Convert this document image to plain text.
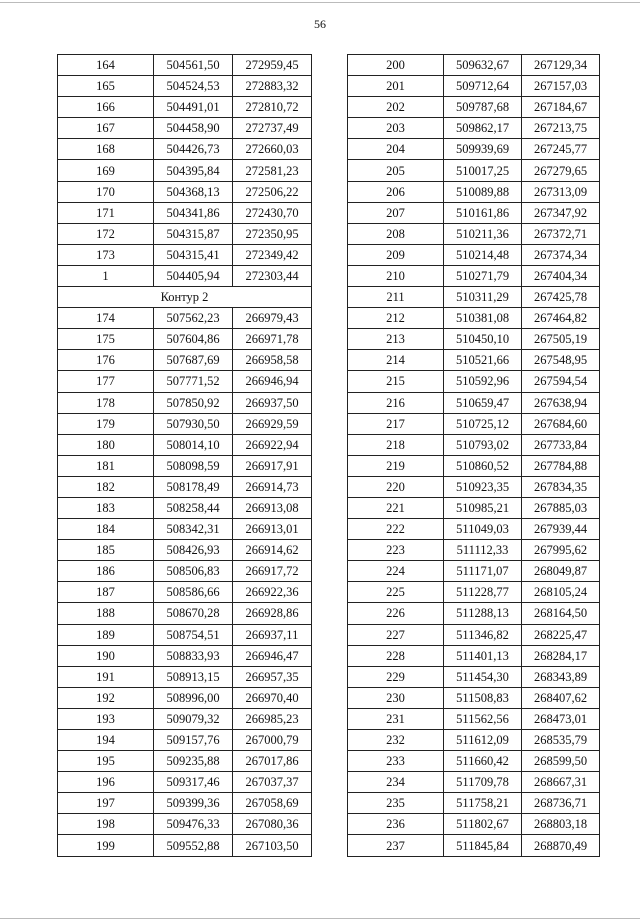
56
164	504561,50	272959,45
165	504524,53	272883,32
166	504491,01	272810,72
167	504458,90	272737,49
168	504426,73	272660,03
169	504395,84	272581,23
170	504368,13	272506,22
171	504341,86	272430,70
172	504315,87	272350,95
173	504315,41	272349,42
1	504405,94	272303,44
Контур 2		
174	507562,23	266979,43
175	507604,86	266971,78
176	507687,69	266958,58
177	507771,52	266946,94
178	507850,92	266937,50
179	507930,50	266929,59
180	508014,10	266922,94
181	508098,59	266917,91
182	508178,49	266914,73
183	508258,44	266913,08
184	508342,31	266913,01
185	508426,93	266914,62
186	508506,83	266917,72
187	508586,66	266922,36
188	508670,28	266928,86
189	508754,51	266937,11
190	508833,93	266946,47
191	508913,15	266957,35
192	508996,00	266970,40
193	509079,32	266985,23
194	509157,76	267000,79
195	509235,88	267017,86
196	509317,46	267037,37
197	509399,36	267058,69
198	509476,33	267080,36
199	509552,88	267103,50
200	509632,67	267129,34
201	509712,64	267157,03
202	509787,68	267184,67
203	509862,17	267213,75
204	509939,69	267245,77
205	510017,25	267279,65
206	510089,88	267313,09
207	510161,86	267347,92
208	510211,36	267372,71
209	510214,48	267374,34
210	510271,79	267404,34
211	510311,29	267425,78
212	510381,08	267464,82
213	510450,10	267505,19
214	510521,66	267548,95
215	510592,96	267594,54
216	510659,47	267638,94
217	510725,12	267684,60
218	510793,02	267733,84
219	510860,52	267784,88
220	510923,35	267834,35
221	510985,21	267885,03
222	511049,03	267939,44
223	511112,33	267995,62
224	511171,07	268049,87
225	511228,77	268105,24
226	511288,13	268164,50
227	511346,82	268225,47
228	511401,13	268284,17
229	511454,30	268343,89
230	511508,83	268407,62
231	511562,56	268473,01
232	511612,09	268535,79
233	511660,42	268599,50
234	511709,78	268667,31
235	511758,21	268736,71
236	511802,67	268803,18
237	511845,84	268870,49
